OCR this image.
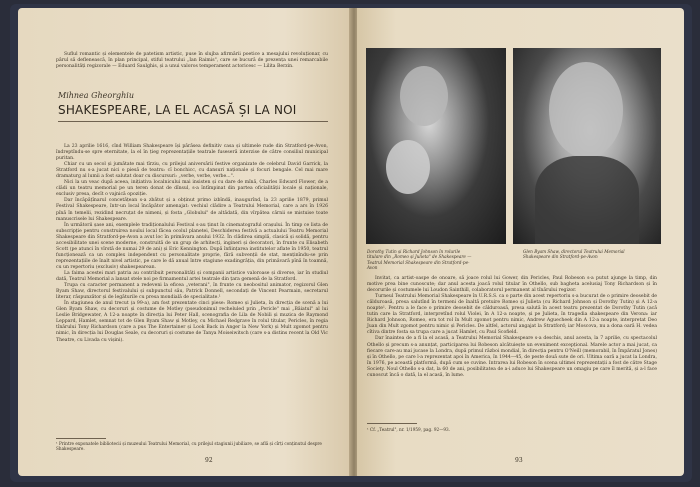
Suflul romantic și elementele de patetism artistic, puse în slujba afirmării poetice a mesajului revoluționar, cu părul să deflenească, în plan principal, stiful teatrului „Ian Raimis", care se bucură de prezența unei remarcabile personalități regizorale — Eduard Saulghis, și a unui valoros temperament actoricesc — Lilita Berzin.

Mihnea Gheorghiu
SHAKESPEARE, LA EL ACASĂ ȘI LA NOI

La 23 aprilie 1616, cînd William Shakespeare își părăsea definitiv casa și ultimele rude din Stratford-pe-Avon, îndreptîndu-se spre eternitate, la el în țieg reprezentațiile teatrale fuseseră interzise de către consiliul municipal puritan.

Chiar cu un secol și jumătate mai tîrziu, cu prilejul aniversării festive organizate de celebrul David Garrick, la Stratford nu s-a jucat nici o piesă de teatru: cî bonchicc, cu dansuri naționale și focuri bengale. Cel mai mare dramaturg al lumii a fost salutat doar cu discursuri: „verbe, verbe, verbe...".

Nici la un veac după aceea, inițiativa localnicului mai insisten și cu dare de mînă, Charles Edward Flower, de a clădi un teatru memorial pe un teren donat de dînsul, s-a întîmpinat din partea oficialității locale și naționale, exclusiv presa, decît o vajnică opoziție.

Dar încăpățînarul concetățean s-a zbătut și a obținut primo izbîndă, inaugurînd, la 23 aprilie 1879, primul Festival Shakespeare, într-un local încăpător amenajat: vechiul clădire a Teatrului Memorial, care a ars în 1926 pînă în temelii, rezidind necruțat de nimeni, și fosta „Globului" de altădată, din vîrpătea cărnii se mistuise toate manuscrisele lui Shakespeare.

În următorii șase ani, exemplele tradiționalului Festival s-au ținut în cinematograful orașului. În timp ce lista de subscripție pentru construirea noului local făcea ocolul planetei, Deschiderea festivă a actualului Teatru Memorial Shakespeare din Stratford-pe-Avon a avut loc în primăvara anului 1932. În clădirea simplă, clasică și solidă, pentru accesibilitate unei scene moderne, construită de un grup de arhitecți, ingineri și decoratori, în frunte cu Elisabeth Scott (pe atunci în vîrstă de numai 29 de ani) și Eric Kennington. După înființarea institutelor aflate în 1950, teatrul funcționează ca un complex independent cu personalitate proprie, fără subvenții de stat, menținîndu-se prin reprezentațiile de înalt nivel artistic, pe care le dă anual între stagiune exadingrăția, din primăvară pînă în toamnă, cu un repertoriu (exclusiv) shakespearean.

La faima acestei mari patria au contribuit personalități și companii artistice valoroase și diverse, iar în studiul dată, Teatrul Memorial a lansat stele noi pe firmamentul artei teatrale din țara gemenă de la Stratford.

Trupa cu caracter permanent a redeveni la eficea „veterani", în frunte cu neobositul animator, regizorul Glen Byam Shaw, directorul festivalului și subpunctul său, Patrick Donnell, secondați de Vincent Pearmain, secretarul literar, răspunzător și de legăturile cu presa mondială de specialitate.¹

În stagiunea de anul trecut (a 99-a), am fost prezentate cinci piese: Romeo și Julieta, în direcția de scenă a lui Glen Byam Shaw, cu decoruri și costume de Motley (pseudonimul recheluled prin „Pericle" mai „Băiatul" al lui Leslie Bridgewater, A 12-a noapte în direcția lui Peter Hall, scenografia de Lila de Nobili și muzica de Raymond Leppard, Hamlet, semnat tot de Glen Byam Shaw și Motley, cu Michael Redgrave în rolul titular, Pericles, în regia tînărului Tony Richardson (care a pus The Entertainer și Look Back in Anger la New York) și Mult zgomot pentru nimic, în direcția lui Douglas Seale, cu decoruri și costume de Tanya Moiseiwitsch (care s-a distins recent la Old Vic Theatre, cu Livada cu vișini).

¹ Printre exponatele bibliotecii și muzeului Teatrului Memorial, cu prilejul stagiunii jubiliare, se află și cîrți conținutul despre Shakespeare.
92
Dorothy Tutin și Richard Johnson în rolurile titulare din „Romeo și Julieta" de Shakespeare — Teatrul Memorial Shakespeare din Stratford-pe-Avon
Glen Byam Shaw, directorul Teatrului Memorial Shakespeare din Stratford-pe-Avon

Invitat, ca artist-oaspe de onoare, să joace rolul lui Gower, din Pericles, Paul Robeson s-a putut ajunge la timp, din motive prea bine cunoscute; dar anul acesta joacă rolul titular în Othello, sub bagheta acelusiaj Tony Richardson și în decorurile și costumele lui Loudon Sainthill, colaboratorul permanent al tînărului regizor.

Turneul Teatrului Memorial Shakespeare în U.R.S.S. ca o parte din acest repertoriu s-a bucurat de o primire deosebit de călduroasă, presa salutînd în termeni de înaltă pretuire Romeo și Julieta (cu Richard Johnson și Dorothy Tutin) și A 12-a noapte¹. Pentru a le face o primire deosebit de călduroasă, presa salută în acest teatru prezentat de Dorothy Tutin (acă tutin care la Stratford, interpretînd rolul Violei, în A 12-a noapte, și pe Julieta, în tragedia shakespeare din Verona: iar Richard Johnson, Romeo, era tot rol în Mult zgomot pentru nimic, Andrew Aguecheek din A 12-a noapte, interpretat Deo Juan din Mult zgomot pentru nimic și Pericles. De altfel, actorul angajat la Stratford; iar Moscova, nu a dona oară H. vedea cîtiva dintre fosta sa trupa care a jucat Hamlet, cu Paul Scofield.

Dar înaintea de a fi la el acasă, a Teatrului Memorial Shakespeare s-a deschis, anul acesta, la 7 aprilie, cu spectacolul Othello și precum s-a anunțat, participarea lui Robeson alcătuiește un eveniment excepțional. Marele actor a mai jucat, ca fiecare care-au mai jucase la Londra, după primul război mondial, în direcția pentru O'Neill (memorabil, în Împăratul Jones) și în Othello, pe care l-a reprezentat apoi în America, în 1944—45, de peste două sute de ori. Ultima oară a jucat la Londra, în 1976, pe această platformă, după cum se cuvine. Intrarea lui Robeson în scena ultimei reprezentații a fost de către Stage Society. Noul Othello s-a dat, la 60 de ani, posibilitatea de a-i aduce lui Shakespeare un omagiu pe care îl merită, și a-l face cunoscut încă o dată, la el acasă, în lume.

¹ Cf. „Teatrul", nr. 1/1959, pag. 92—93.
93
